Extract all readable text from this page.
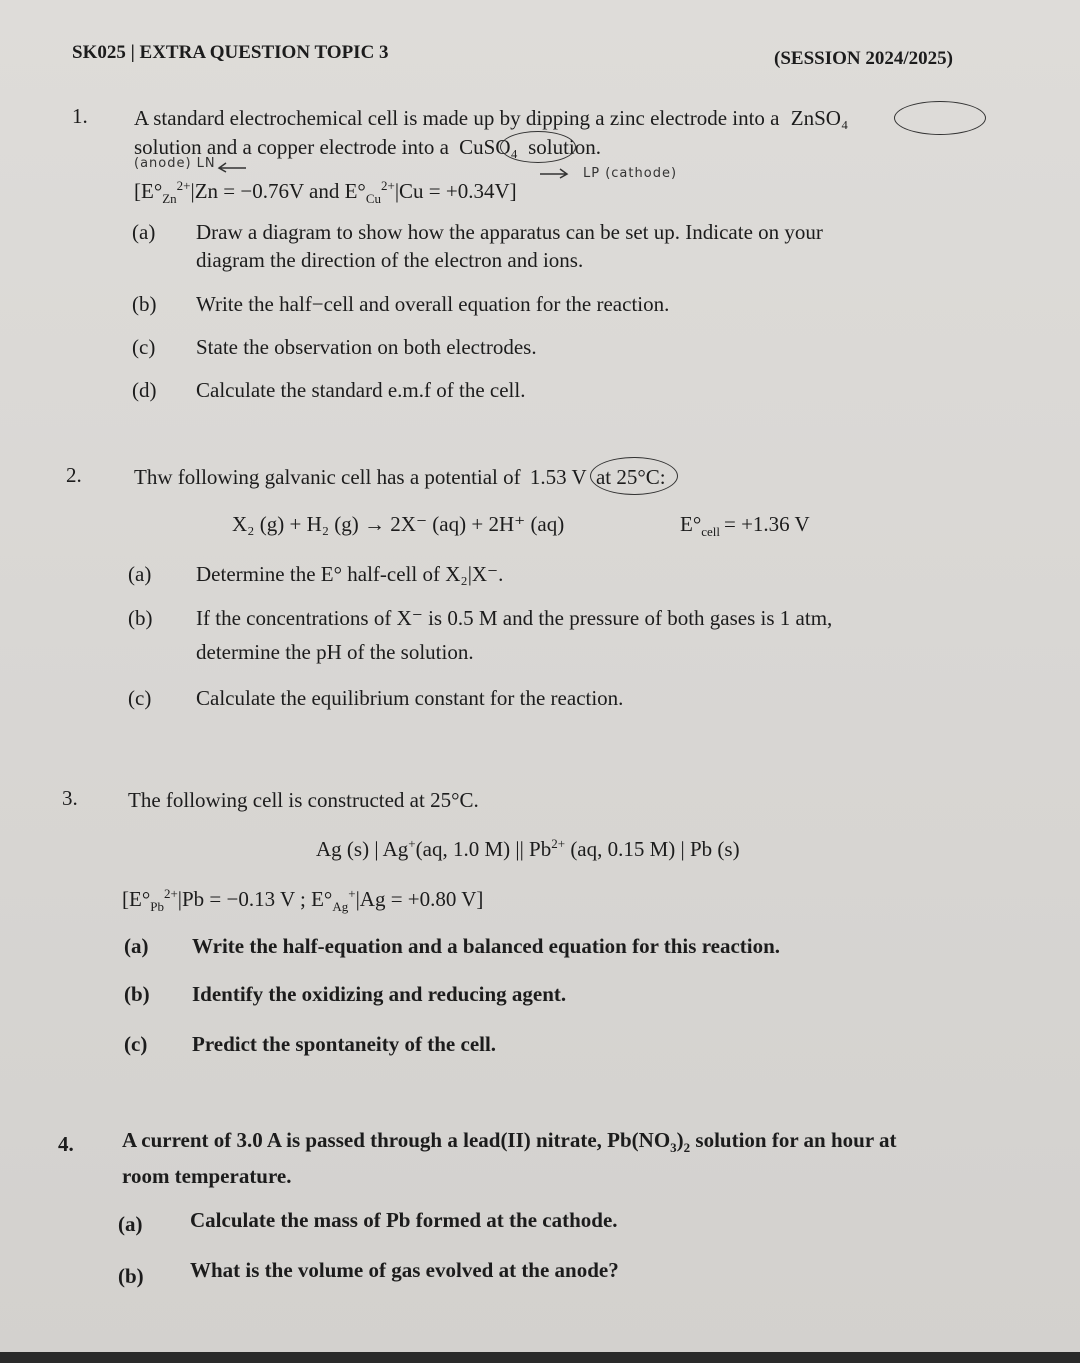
SK025 | EXTRA QUESTION TOPIC 3	(SESSION 2024/2025)
1. A standard electrochemical cell is made up by dipping a zinc electrode into a ZnSO₄
solution and a copper electrode into a CuSO₄ solution.
(anode) LN
[$E^\circ_{Zn}^{2+}|Zn = -0.76V$ and $E^\circ_{Cu}^{2+}|Cu = +0.34V$]
LP (cathode)
(a) Draw a diagram to show how the apparatus can be set up. Indicate on your
diagram the direction of the electron and ions.
(b) Write the half−cell and overall equation for the reaction.
(c) State the observation on both electrodes.
(d) Calculate the standard e.m.f of the cell.
2. Thw following galvanic cell has a potential of 1.53 V at 25°C:
X₂ (g) + H₂ (g) → 2X⁻ (aq) + 2H⁺ (aq)	$E^\circ_{cell} = +1.36$ V
(a) Determine the E° half-cell of X₂|X⁻.
(b) If the concentrations of X⁻ is 0.5 M and the pressure of both gases is 1 atm,
determine the pH of the solution.
(c) Calculate the equilibrium constant for the reaction.
3. The following cell is constructed at 25°C.
Ag (s) | Ag+(aq, 1.0 M) || $Pb^{2+}$ (aq, 0.15 M) | Pb (s)
[$E^\circ_{Pb}^{2+}|Pb = -0.13$ V ; $E^\circ_{Ag}^+|Ag = +0.80$ V]
(a) Write the half-equation and a balanced equation for this reaction.
(b) Identify the oxidizing and reducing agent.
(c) Predict the spontaneity of the cell.
4. A current of 3.0 A is passed through a lead(II) nitrate, $Pb(NO_3)_2$ solution for an hour at
room temperature.
(a) Calculate the mass of Pb formed at the cathode.
(b) What is the volume of gas evolved at the anode?
